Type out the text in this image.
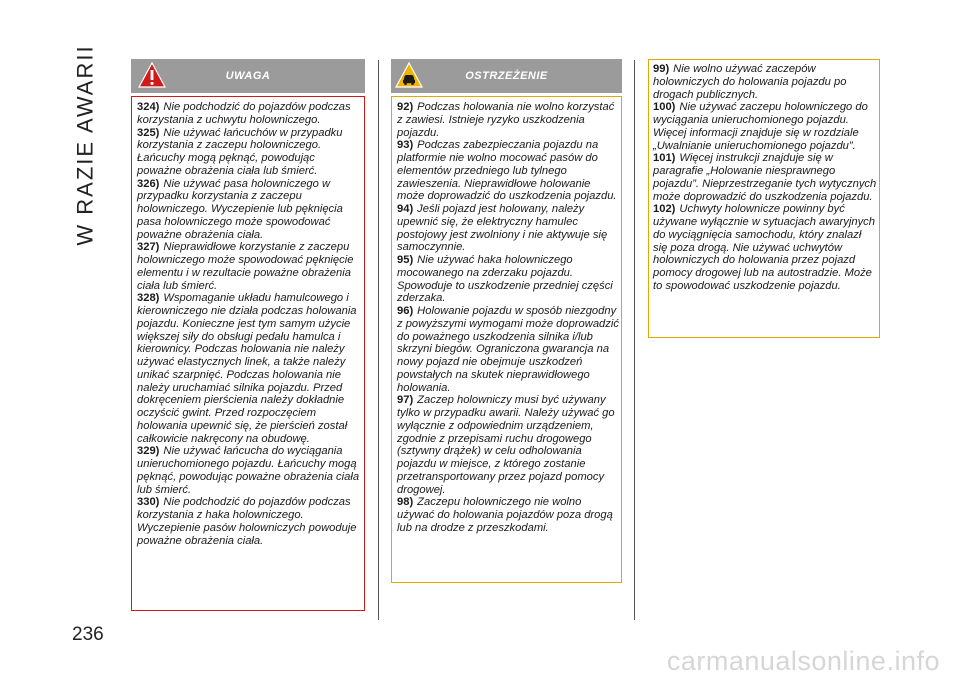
W RAZIE AWARII	UWAGA

324) Nie podchodzić do pojazdów podczas korzystania z uchwytu holowniczego.

325) Nie używać łańcuchów w przypadku korzystania z zaczepu holowniczego. Łańcuchy mogą pęknąć, powodując poważne obrażenia ciała lub śmierć.

326) Nie używać pasa holowniczego w przypadku korzystania z zaczepu holowniczego. Wyczepienie lub pęknięcia pasa holowniczego może spowodować poważne obrażenia ciała.

327) Nieprawidłowe korzystanie z zaczepu holowniczego może spowodować pęknięcie elementu i w rezultacie poważne obrażenia ciała lub śmierć.

328) Wspomaganie układu hamulcowego i kierowniczego nie działa podczas holowania pojazdu. Konieczne jest tym samym użycie większej siły do obsługi pedału hamulca i kierownicy. Podczas holowania nie należy używać elastycznych linek, a także należy unikać szarpnięć. Podczas holowania nie należy uruchamiać silnika pojazdu. Przed dokręceniem pierścienia należy dokładnie oczyścić gwint. Przed rozpoczęciem holowania upewnić się, że pierścień został całkowicie nakręcony na obudowę.

329) Nie używać łańcucha do wyciągania unieruchomionego pojazdu. Łańcuchy mogą pęknąć, powodując poważne obrażenia ciała lub śmierć.

330) Nie podchodzić do pojazdów podczas korzystania z haka holowniczego. Wyczepienie pasów holowniczych powoduje poważne obrażenia ciała.

OSTRZEŻENIE

92) Podczas holowania nie wolno korzystać z zawiesi. Istnieje ryzyko uszkodzenia pojazdu.

93) Podczas zabezpieczania pojazdu na platformie nie wolno mocować pasów do elementów przedniego lub tylnego zawieszenia. Nieprawidłowe holowanie może doprowadzić do uszkodzenia pojazdu.

94) Jeśli pojazd jest holowany, należy upewnić się, że elektryczny hamulec postojowy jest zwolniony i nie aktywuje się samoczynnie.

95) Nie używać haka holowniczego mocowanego na zderzaku pojazdu. Spowoduje to uszkodzenie przedniej części zderzaka.

96) Holowanie pojazdu w sposób niezgodny z powyższymi wymogami może doprowadzić do poważnego uszkodzenia silnika i/lub skrzyni biegów. Ograniczona gwarancja na nowy pojazd nie obejmuje uszkodzeń powstałych na skutek nieprawidłowego holowania.

97) Zaczep holowniczy musi być używany tylko w przypadku awarii. Należy używać go wyłącznie z odpowiednim urządzeniem, zgodnie z przepisami ruchu drogowego (sztywny drążek) w celu odholowania pojazdu w miejsce, z którego zostanie przetransportowany przez pojazd pomocy drogowej.

98) Zaczepu holowniczego nie wolno używać do holowania pojazdów poza drogą lub na drodze z przeszkodami.

99) Nie wolno używać zaczepów holowniczych do holowania pojazdu po drogach publicznych.

100) Nie używać zaczepu holowniczego do wyciągania unieruchomionego pojazdu. Więcej informacji znajduje się w rozdziale „Uwalnianie unieruchomionego pojazdu”.

101) Więcej instrukcji znajduje się w paragrafie „Holowanie niesprawnego pojazdu”. Nieprzestrzeganie tych wytycznych może doprowadzić do uszkodzenia pojazdu.

102) Uchwyty holownicze powinny być używane wyłącznie w sytuacjach awaryjnych do wyciągnięcia samochodu, który znalazł się poza drogą. Nie używać uchwytów holowniczych do holowania przez pojazd pomocy drogowej lub na autostradzie. Może to spowodować uszkodzenie pojazdu.

236
carmanualsonline.info
